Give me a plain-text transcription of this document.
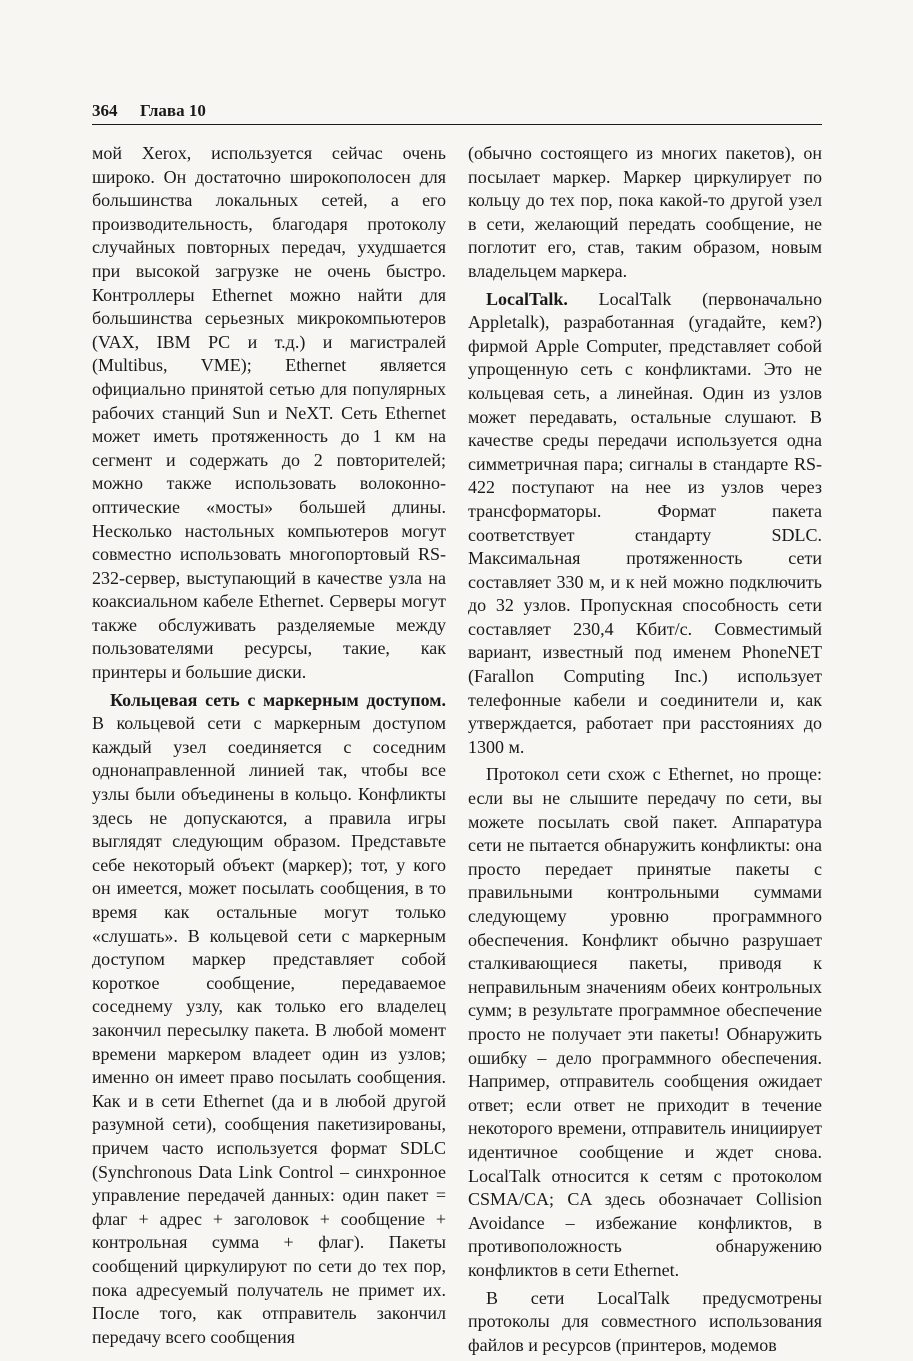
364 Глава 10

мой Xerox, используется сейчас очень широко. Он достаточно широкополосен для большинства локальных сетей, а его производительность, благодаря протоколу случайных повторных передач, ухудшается при высокой загрузке не очень быстро. Контроллеры Ethernet можно найти для большинства серьезных микрокомпьютеров (VAX, IBM PC и т.д.) и магистралей (Multibus, VME); Ethernet является официально принятой сетью для популярных рабочих станций Sun и NeXT. Сеть Ethernet может иметь протяженность до 1 км на сегмент и содержать до 2 повторителей; можно также использовать волоконно-оптические «мосты» большей длины. Несколько настольных компьютеров могут совместно использовать многопортовый RS-232-сервер, выступающий в качестве узла на коаксиальном кабеле Ethernet. Серверы могут также обслуживать разделяемые между пользователями ресурсы, такие, как принтеры и большие диски.

Кольцевая сеть с маркерным доступом. В кольцевой сети с маркерным доступом каждый узел соединяется с соседним однонаправленной линией так, чтобы все узлы были объединены в кольцо. Конфликты здесь не допускаются, а правила игры выглядят следующим образом. Представьте себе некоторый объект (маркер); тот, у кого он имеется, может посылать сообщения, в то время как остальные могут только «слушать». В кольцевой сети с маркерным доступом маркер представляет собой короткое сообщение, передаваемое соседнему узлу, как только его владелец закончил пересылку пакета. В любой момент времени маркером владеет один из узлов; именно он имеет право посылать сообщения. Как и в сети Ethernet (да и в любой другой разумной сети), сообщения пакетизированы, причем часто используется формат SDLC (Synchronous Data Link Control – синхронное управление передачей данных: один пакет = флаг + адрес + заголовок + сообщение + контрольная сумма + флаг). Пакеты сообщений циркулируют по сети до тех пор, пока адресуемый получатель не примет их. После того, как отправитель закончил передачу всего сообщения

(обычно состоящего из многих пакетов), он посылает маркер. Маркер циркулирует по кольцу до тех пор, пока какой-то другой узел в сети, желающий передать сообщение, не поглотит его, став, таким образом, новым владельцем маркера.

LocalTalk. LocalTalk (первоначально Appletalk), разработанная (угадайте, кем?) фирмой Apple Computer, представляет собой упрощенную сеть с конфликтами. Это не кольцевая сеть, а линейная. Один из узлов может передавать, остальные слушают. В качестве среды передачи используется одна симметричная пара; сигналы в стандарте RS-422 поступают на нее из узлов через трансформаторы. Формат пакета соответствует стандарту SDLC. Максимальная протяженность сети составляет 330 м, и к ней можно подключить до 32 узлов. Пропускная способность сети составляет 230,4 Кбит/с. Совместимый вариант, известный под именем PhoneNET (Farallon Computing Inc.) использует телефонные кабели и соединители и, как утверждается, работает при расстояниях до 1300 м.

Протокол сети схож с Ethernet, но проще: если вы не слышите передачу по сети, вы можете посылать свой пакет. Аппаратура сети не пытается обнаружить конфликты: она просто передает принятые пакеты с правильными контрольными суммами следующему уровню программного обеспечения. Конфликт обычно разрушает сталкивающиеся пакеты, приводя к неправильным значениям обеих контрольных сумм; в результате программное обеспечение просто не получает эти пакеты! Обнаружить ошибку – дело программного обеспечения. Например, отправитель сообщения ожидает ответ; если ответ не приходит в течение некоторого времени, отправитель инициирует идентичное сообщение и ждет снова. LocalTalk относится к сетям с протоколом CSMA/CA; CA здесь обозначает Collision Avoidance – избежание конфликтов, в противоположность обнаружению конфликтов в сети Ethernet.

В сети LocalTalk предусмотрены протоколы для совместного использования файлов и ресурсов (принтеров, модемов
